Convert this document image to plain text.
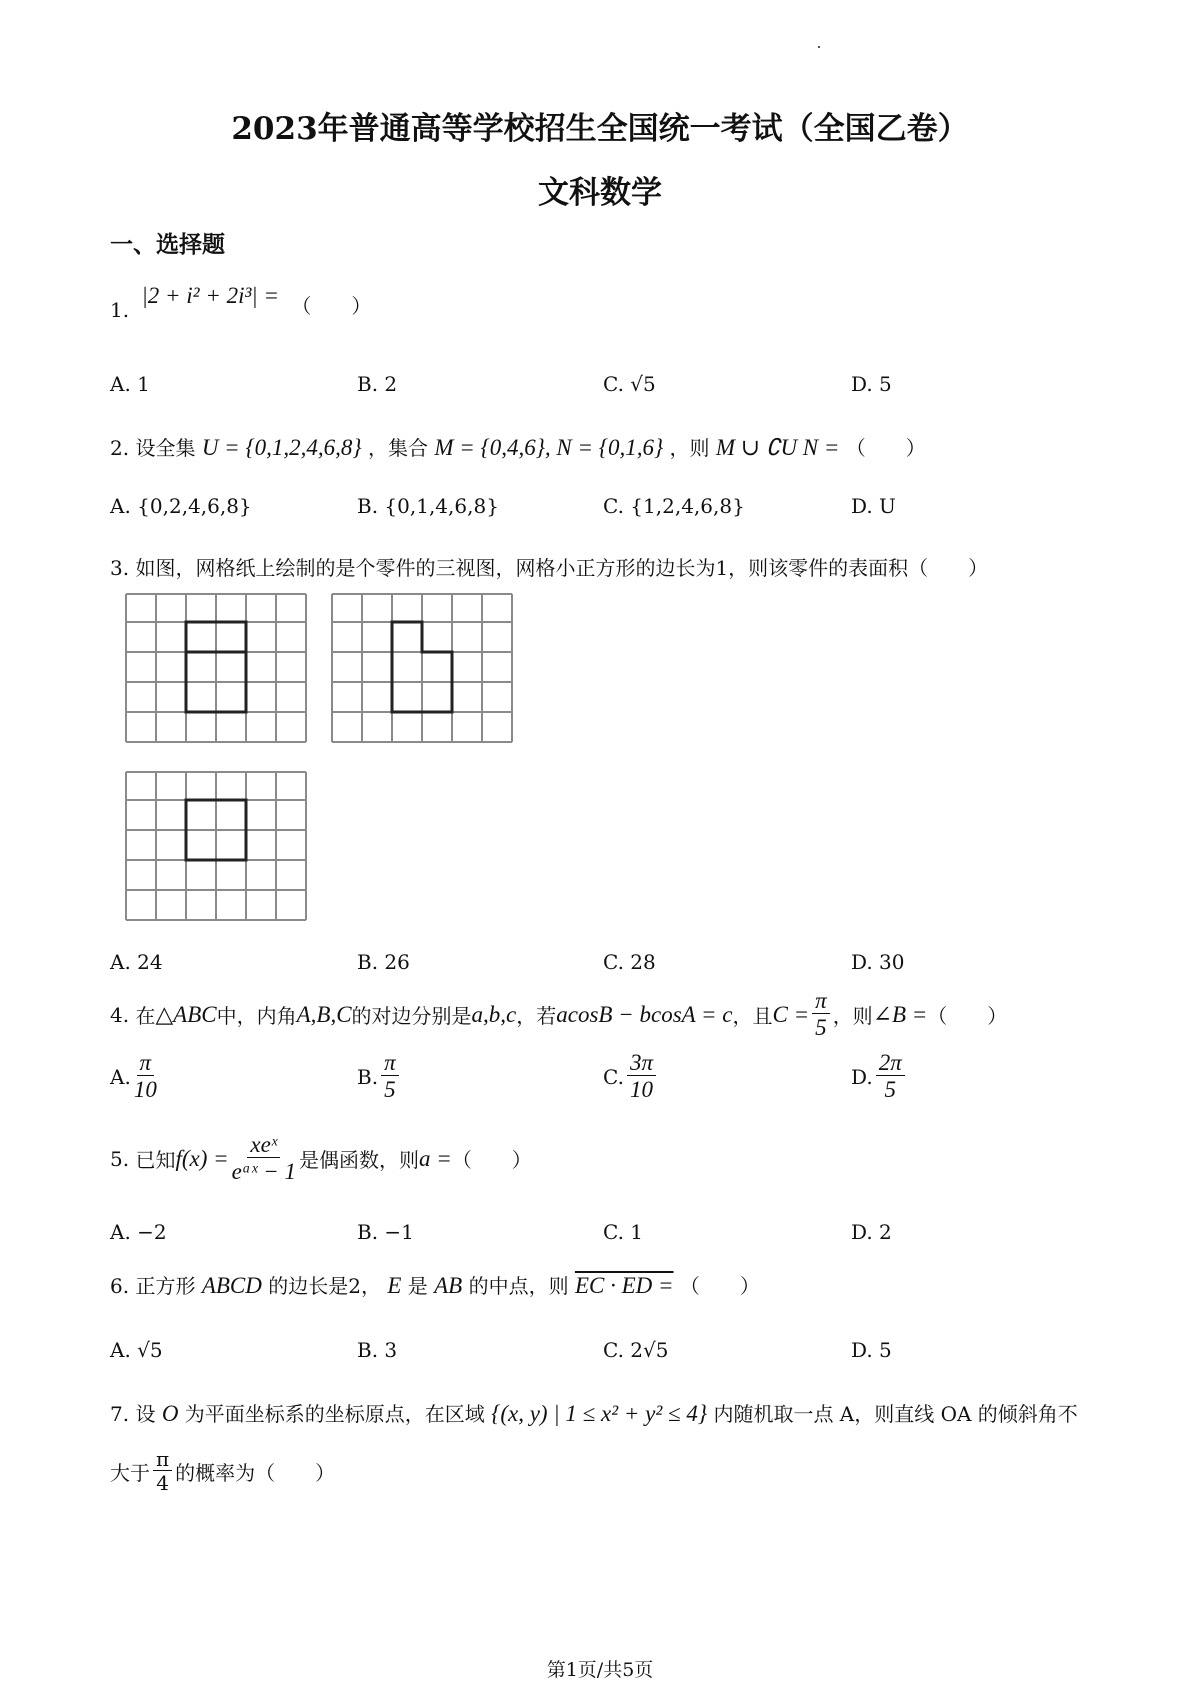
2023年普通高等学校招生全国统一考试（全国乙卷）
文科数学
一、选择题
1. |2 + i² + 2i³| = （　　）
A. 1	B. 2	C. √5	D. 5
2. 设全集 U = {0,1,2,4,6,8} ，集合 M = {0,4,6}, N = {0,1,6} ，则 M ∪ ∁U N = （　　）
A. {0,2,4,6,8}	B. {0,1,4,6,8}	C. {1,2,4,6,8}	D. U
3. 如图，网格纸上绘制的是个零件的三视图，网格小正方形的边长为1，则该零件的表面积（　　）
A. 24	B. 26	C. 28	D. 30
4.
在 △ABC 中，内角 A,B,C 的对边分别是 a,b,c ，若 acosB − bcosA = c ，且 $C = \frac{\pi}{5}$ ，则 ∠B = （　　）
A. $\frac{\pi}{10}$	B. $\frac{\pi}{5}$	C. $\frac{3\pi}{10}$	D. $\frac{2\pi}{5}$
5.
已知 $f(x) = \frac{\text{xeˣ}}{\text{eᵃˣ − 1}}$ 是偶函数，则 a = （　　）
A. −2	B. −1	C. 1	D. 2
6. 正方形 ABCD 的边长是2， E 是 AB 的中点，则 EC · ED = （　　）
A. √5	B. 3	C. 2√5	D. 5
7. 设 O 为平面坐标系的坐标原点，在区域 {(x, y) | 1 ≤ x² + y² ≤ 4} 内随机取一点 A，则直线 OA 的倾斜角不
大于 $\frac{\pi}{4}$ 的概率为（　　）
第1页/共5页
